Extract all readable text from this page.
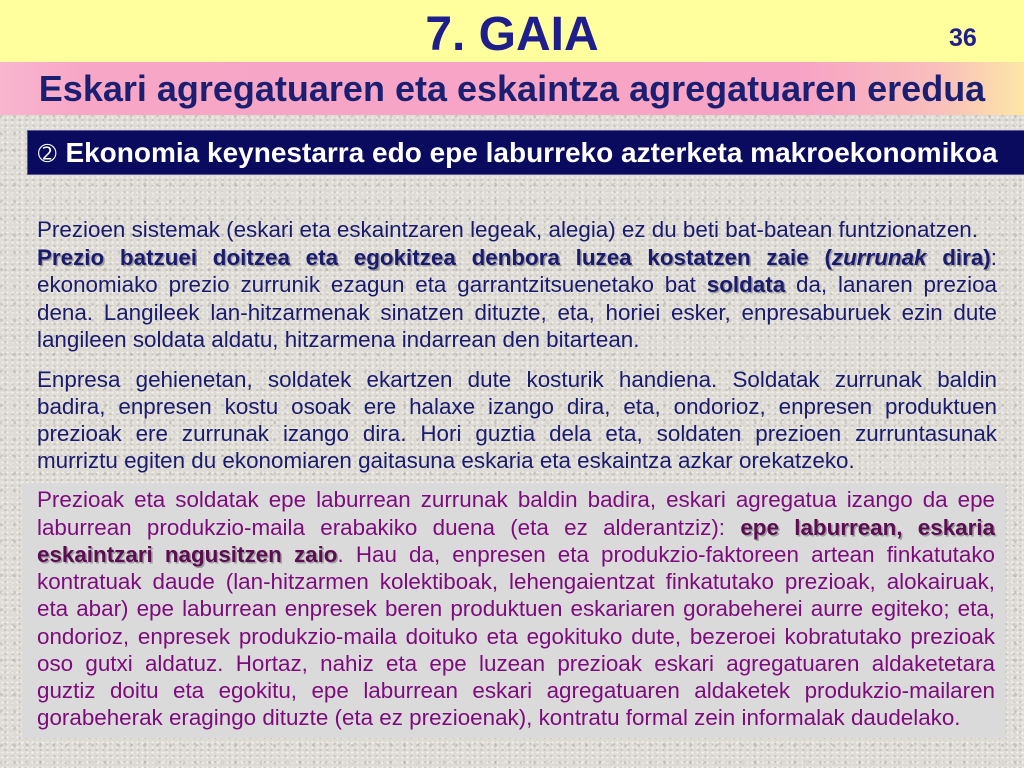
7. GAIA	36
Eskari agregatuaren eta eskaintza agregatuaren eredua
➁ Ekonomia keynestarra edo epe laburreko azterketa makroekonomikoa
Prezioen sistemak (eskari eta eskaintzaren legeak, alegia) ez du beti bat-batean funtzionatzen.
Prezio batzuei doitzea eta egokitzea denbora luzea kostatzen zaie (zurrunak dira):
ekonomiako prezio zurrunik ezagun eta garrantzitsuenetako bat soldata da, lanaren prezioa
dena. Langileek lan-hitzarmenak sinatzen dituzte, eta, horiei esker, enpresaburuek ezin dute
langileen soldata aldatu, hitzarmena indarrean den bitartean.
Enpresa gehienetan, soldatek ekartzen dute kosturik handiena. Soldatak zurrunak baldin
badira, enpresen kostu osoak ere halaxe izango dira, eta, ondorioz, enpresen produktuen
prezioak ere zurrunak izango dira. Hori guztia dela eta, soldaten prezioen zurruntasunak
murriztu egiten du ekonomiaren gaitasuna eskaria eta eskaintza azkar orekatzeko.
Prezioak eta soldatak epe laburrean zurrunak baldin badira, eskari agregatua izango da epe
laburrean produkzio-maila erabakiko duena (eta ez alderantziz): epe laburrean, eskaria
eskaintzari nagusitzen zaio. Hau da, enpresen eta produkzio-faktoreen artean finkatutako
kontratuak daude (lan-hitzarmen kolektiboak, lehengaientzat finkatutako prezioak, alokairuak,
eta abar) epe laburrean enpresek beren produktuen eskariaren gorabeherei aurre egiteko; eta,
ondorioz, enpresek produkzio-maila doituko eta egokituko dute, bezeroei kobratutako prezioak
oso gutxi aldatuz. Hortaz, nahiz eta epe luzean prezioak eskari agregatuaren aldaketetara
guztiz doitu eta egokitu, epe laburrean eskari agregatuaren aldaketek produkzio-mailaren
gorabeherak eragingo dituzte (eta ez prezioenak), kontratu formal zein informalak daudelako.
